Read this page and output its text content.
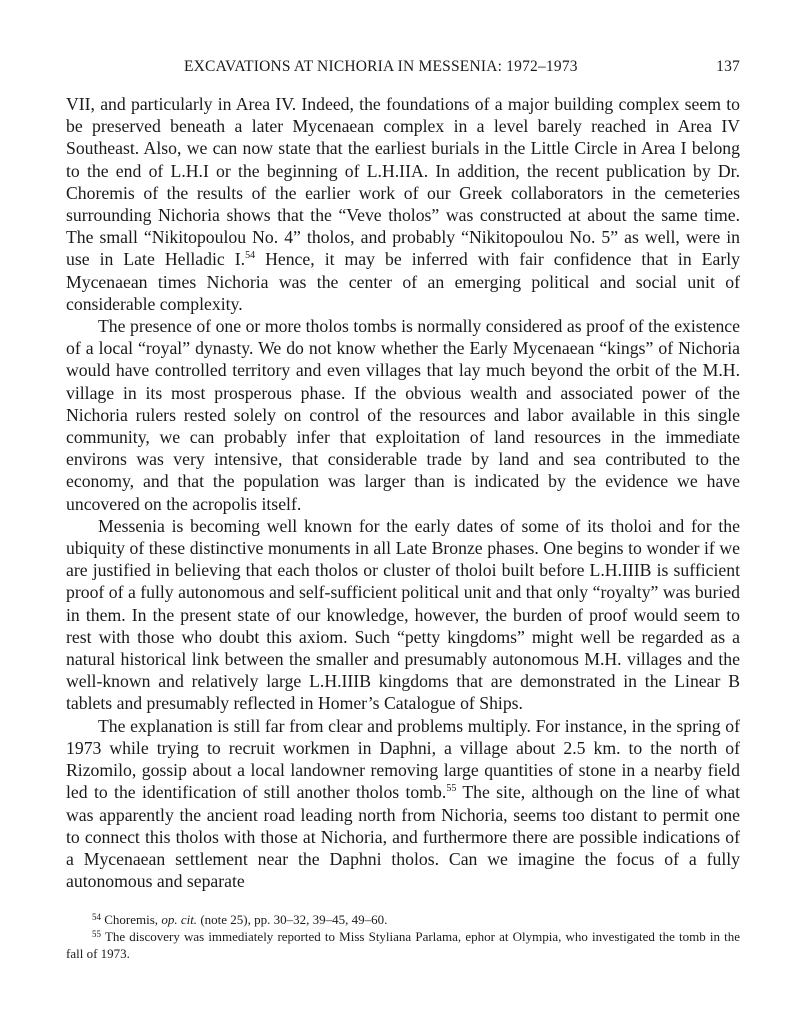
EXCAVATIONS AT NICHORIA IN MESSENIA: 1972–1973	137

VII, and particularly in Area IV. Indeed, the foundations of a major building complex seem to be preserved beneath a later Mycenaean complex in a level barely reached in Area IV Southeast. Also, we can now state that the earliest burials in the Little Circle in Area I belong to the end of L.H.I or the beginning of L.H.IIA. In addition, the recent publication by Dr. Choremis of the results of the earlier work of our Greek collaborators in the cemeteries surrounding Nichoria shows that the “Veve tholos” was constructed at about the same time. The small “Nikitopoulou No. 4” tholos, and probably “Nikitopoulou No. 5” as well, were in use in Late Helladic I.$^{54}$ Hence, it may be inferred with fair confidence that in Early Mycenaean times Nichoria was the center of an emerging political and social unit of considerable complexity.

The presence of one or more tholos tombs is normally considered as proof of the existence of a local “royal” dynasty. We do not know whether the Early Mycenaean “kings” of Nichoria would have controlled territory and even villages that lay much beyond the orbit of the M.H. village in its most prosperous phase. If the obvious wealth and associated power of the Nichoria rulers rested solely on control of the resources and labor available in this single community, we can probably infer that exploitation of land resources in the immediate environs was very intensive, that considerable trade by land and sea contributed to the economy, and that the population was larger than is indicated by the evidence we have uncovered on the acropolis itself.

Messenia is becoming well known for the early dates of some of its tholoi and for the ubiquity of these distinctive monuments in all Late Bronze phases. One begins to wonder if we are justified in believing that each tholos or cluster of tholoi built before L.H.IIIB is sufficient proof of a fully autonomous and self-sufficient political unit and that only “royalty” was buried in them. In the present state of our knowledge, however, the burden of proof would seem to rest with those who doubt this axiom. Such “petty kingdoms” might well be regarded as a natural historical link between the smaller and presumably autonomous M.H. villages and the well-known and relatively large L.H.IIIB kingdoms that are demonstrated in the Linear B tablets and presumably reflected in Homer’s Catalogue of Ships.

The explanation is still far from clear and problems multiply. For instance, in the spring of 1973 while trying to recruit workmen in Daphni, a village about 2.5 km. to the north of Rizomilo, gossip about a local landowner removing large quantities of stone in a nearby field led to the identification of still another tholos tomb.$^{55}$ The site, although on the line of what was apparently the ancient road leading north from Nichoria, seems too distant to permit one to connect this tholos with those at Nichoria, and furthermore there are possible indications of a Mycenaean settlement near the Daphni tholos. Can we imagine the focus of a fully autonomous and separate

$^{54}$ Choremis, op. cit. (note 25), pp. 30–32, 39–45, 49–60.

$^{55}$ The discovery was immediately reported to Miss Styliana Parlama, ephor at Olympia, who investigated the tomb in the fall of 1973.
